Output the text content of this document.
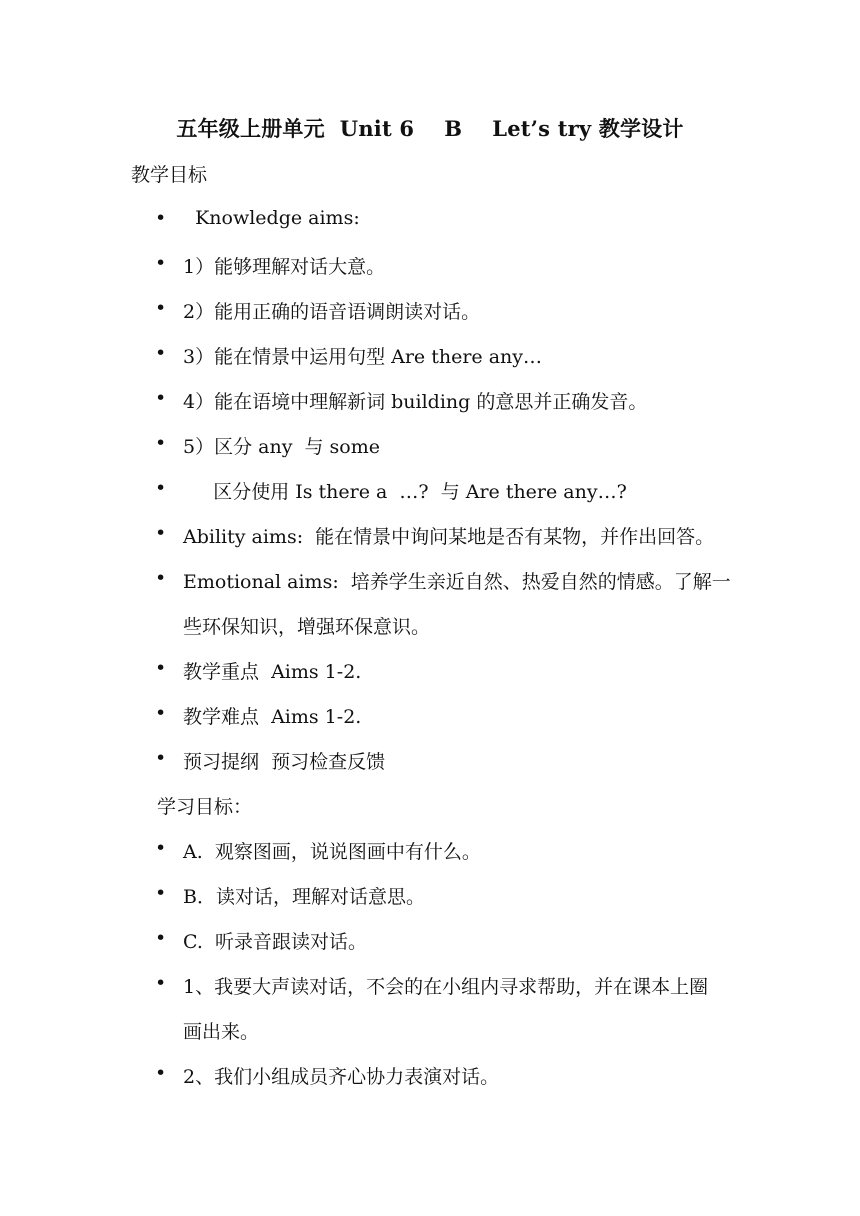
五年级上册单元  Unit 6    B    Let’s try 教学设计
教学目标
• Knowledge aims:
• 1）能够理解对话大意。
• 2）能用正确的语音语调朗读对话。
• 3）能在情景中运用句型 Are there any…
• 4）能在语境中理解新词 building 的意思并正确发音。
• 5）区分 any  与 some
• 区分使用 Is there a  …?  与 Are there any…?
• Ability aims:  能在情景中询问某地是否有某物，并作出回答。
• Emotional aims:  培养学生亲近自然、热爱自然的情感。了解一
些环保知识，增强环保意识。
• 教学重点  Aims 1-2.
• 教学难点  Aims 1-2.
• 预习提纲  预习检查反馈
学习目标：
• A.  观察图画，说说图画中有什么。
• B．读对话，理解对话意思。
• C.  听录音跟读对话。
• 1、我要大声读对话，不会的在小组内寻求帮助，并在课本上圈
画出来。
• 2、我们小组成员齐心协力表演对话。
